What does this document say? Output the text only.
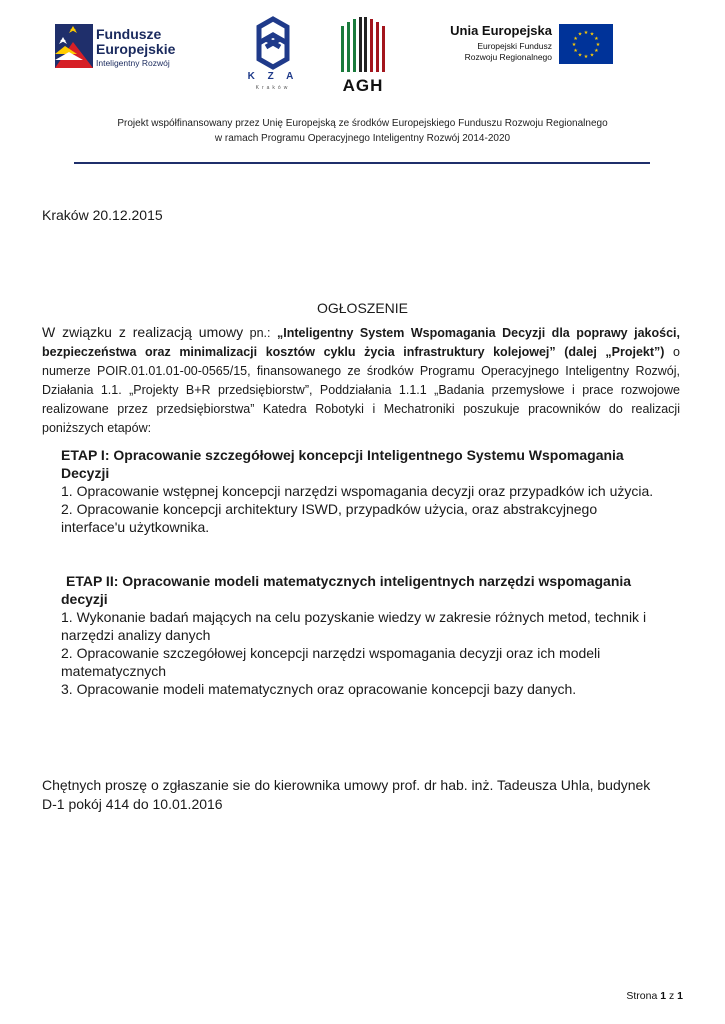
Fundusze
Europejskie
Inteligentny Rozwój
K Z A
Kraków	AGH
Unia Europejska
Europejski Fundusz
Rozwoju Regionalnego
★ ★
★
★
★
★
★
★
★
★
★
★
Projekt współfinansowany przez Unię Europejską ze środków Europejskiego Funduszu Rozwoju Regionalnego
w ramach Programu Operacyjnego Inteligentny Rozwój 2014-2020
Kraków 20.12.2015
OGŁOSZENIE
W związku z realizacją umowy pn.: „Inteligentny System Wspomagania Decyzji dla poprawy jakości, bezpieczeństwa oraz minimalizacji kosztów cyklu życia infrastruktury kolejowej” (dalej „Projekt”) o numerze POIR.01.01.01-00-0565/15, finansowanego ze środków Programu Operacyjnego Inteligentny Rozwój, Działania 1.1. „Projekty B+R przedsiębiorstw”, Poddziałania 1.1.1 „Badania przemysłowe i prace rozwojowe realizowane przez przedsiębiorstwa” Katedra Robotyki i Mechatroniki poszukuje pracowników do realizacji poniższych etapów:
ETAP I: Opracowanie szczegółowej koncepcji Inteligentnego Systemu Wspomagania Decyzji

1. Opracowanie wstępnej koncepcji narzędzi wspomagania decyzji oraz przypadków ich użycia.

2. Opracowanie koncepcji architektury ISWD, przypadków użycia, oraz abstrakcyjnego interface'u użytkownika.

ETAP II: Opracowanie modeli matematycznych inteligentnych narzędzi wspomagania decyzji

1. Wykonanie badań mających na celu pozyskanie wiedzy w zakresie różnych metod, technik i narzędzi analizy danych

2. Opracowanie szczegółowej koncepcji narzędzi wspomagania decyzji oraz ich modeli matematycznych

3. Opracowanie modeli matematycznych oraz opracowanie koncepcji bazy danych.

Chętnych proszę o zgłaszanie sie do kierownika umowy prof. dr hab. inż. Tadeusza Uhla, budynek D-1 pokój 414 do 10.01.2016
Strona 1 z 1
